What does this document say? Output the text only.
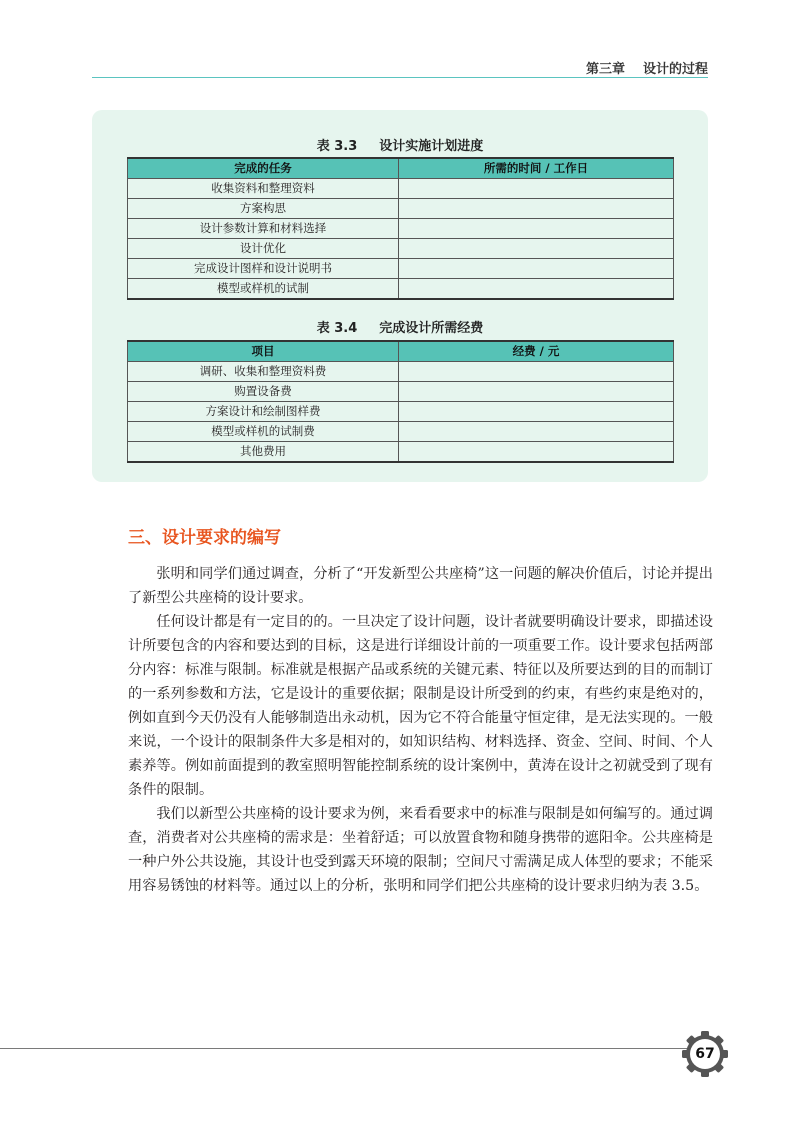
第三章 设计的过程
表 3.3 设计实施计划进度
完成的任务	所需的时间 / 工作日
收集资料和整理资料	
方案构思	
设计参数计算和材料选择	
设计优化	
完成设计图样和设计说明书	
模型或样机的试制	
表 3.4 完成设计所需经费
项目	经费 / 元
调研、收集和整理资料费	
购置设备费	
方案设计和绘制图样费	
模型或样机的试制费	
其他费用	
三、设计要求的编写

张明和同学们通过调查，分析了“开发新型公共座椅”这一问题的解决价值后，讨论并提出了新型公共座椅的设计要求。

任何设计都是有一定目的的。一旦决定了设计问题，设计者就要明确设计要求，即描述设计所要包含的内容和要达到的目标，这是进行详细设计前的一项重要工作。设计要求包括两部分内容：标准与限制。标准就是根据产品或系统的关键元素、特征以及所要达到的目的而制订的一系列参数和方法，它是设计的重要依据；限制是设计所受到的约束，有些约束是绝对的，例如直到今天仍没有人能够制造出永动机，因为它不符合能量守恒定律，是无法实现的。一般来说，一个设计的限制条件大多是相对的，如知识结构、材料选择、资金、空间、时间、个人素养等。例如前面提到的教室照明智能控制系统的设计案例中，黄涛在设计之初就受到了现有条件的限制。

我们以新型公共座椅的设计要求为例，来看看要求中的标准与限制是如何编写的。通过调查，消费者对公共座椅的需求是：坐着舒适；可以放置食物和随身携带的遮阳伞。公共座椅是一种户外公共设施，其设计也受到露天环境的限制；空间尺寸需满足成人体型的要求；不能采用容易锈蚀的材料等。通过以上的分析，张明和同学们把公共座椅的设计要求归纳为表 3.5。

67
